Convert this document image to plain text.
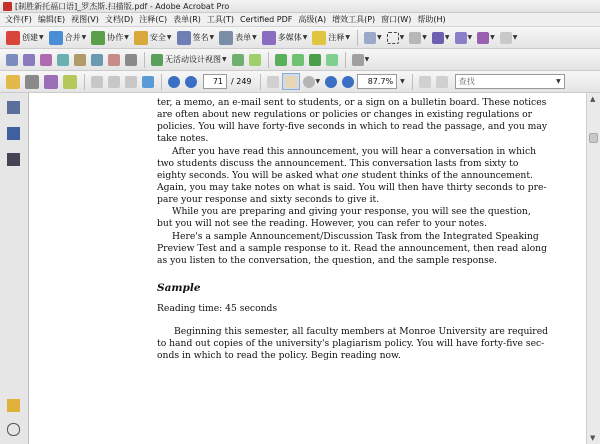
[制胜新托福口语]_罗杰斯.扫描版.pdf - Adobe Acrobat Pro
文件(F) 编辑(E) 视图(V) 文档(D) 注释(C) 表单(R) 工具(T) Certified PDF 高级(A) 增效工具(P) 窗口(W) 帮助(H)
创建 ▼	合并 ▼	协作 ▼	安全 ▼	签名 ▼	表单 ▼	多媒体 ▼	注释 ▼	▼	▼	▼	▼	▼	▼	▼
无活动设计视图 ▼	▼
71	/ 249	▼	87.7%	▼	查找	▼
ter, a memo, an e-mail sent to students, or a sign on a bulletin board. These notices
are often about new regulations or policies or changes in existing regulations or
policies. You will have forty-five seconds in which to read the passage, and you may
take notes.
After you have read this announcement, you will hear a conversation in which
two students discuss the announcement. This conversation lasts from sixty to
eighty seconds. You will be asked what one student thinks of the announcement.
Again, you may take notes on what is said. You will then have thirty seconds to pre-
pare your response and sixty seconds to give it.
While you are preparing and giving your response, you will see the question,
but you will not see the reading. However, you can refer to your notes.
Here's a sample Announcement/Discussion Task from the Integrated Speaking
Preview Test and a sample response to it. Read the announcement, then read along
as you listen to the conversation, the question, and the sample response.
Sample
Reading time: 45 seconds
Beginning this semester, all faculty members at Monroe University are required
to hand out copies of the university's plagiarism policy. You will have forty-five sec-
onds in which to read the policy. Begin reading now.
▲
▼
